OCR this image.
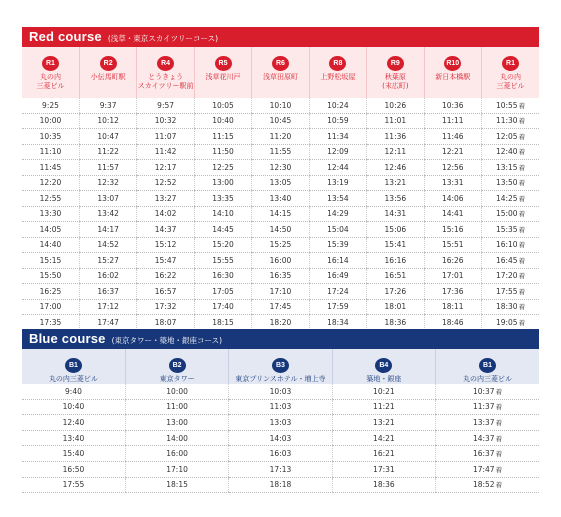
Red course (浅草・東京スカイツリーコース)
R1
丸の内
三菱ビル	R2
小伝馬町駅	R4
とうきょう
スカイツリー駅前	R5
浅草花川戸	R6
浅草田原町	R8
上野松坂屋	R9
秋葉原
(末広町)	R10
新日本橋駅	R1
丸の内
三菱ビル

9:25	9:37	9:57	10:05	10:10	10:24	10:26	10:36	10:55着
10:00	10:12	10:32	10:40	10:45	10:59	11:01	11:11	11:30着
10:35	10:47	11:07	11:15	11:20	11:34	11:36	11:46	12:05着
11:10	11:22	11:42	11:50	11:55	12:09	12:11	12:21	12:40着
11:45	11:57	12:17	12:25	12:30	12:44	12:46	12:56	13:15着
12:20	12:32	12:52	13:00	13:05	13:19	13:21	13:31	13:50着
12:55	13:07	13:27	13:35	13:40	13:54	13:56	14:06	14:25着
13:30	13:42	14:02	14:10	14:15	14:29	14:31	14:41	15:00着
14:05	14:17	14:37	14:45	14:50	15:04	15:06	15:16	15:35着
14:40	14:52	15:12	15:20	15:25	15:39	15:41	15:51	16:10着
15:15	15:27	15:47	15:55	16:00	16:14	16:16	16:26	16:45着
15:50	16:02	16:22	16:30	16:35	16:49	16:51	17:01	17:20着
16:25	16:37	16:57	17:05	17:10	17:24	17:26	17:36	17:55着
17:00	17:12	17:32	17:40	17:45	17:59	18:01	18:11	18:30着
17:35	17:47	18:07	18:15	18:20	18:34	18:36	18:46	19:05着
Blue course (東京タワー・築地・銀座コース)
B1
丸の内三菱ビル	B2
東京タワー	B3
東京プリンスホテル・増上寺	B4
築地・銀座	B1
丸の内三菱ビル

9:40	10:00	10:03	10:21	10:37着
10:40	11:00	11:03	11:21	11:37着
12:40	13:00	13:03	13:21	13:37着
13:40	14:00	14:03	14:21	14:37着
15:40	16:00	16:03	16:21	16:37着
16:50	17:10	17:13	17:31	17:47着
17:55	18:15	18:18	18:36	18:52着
